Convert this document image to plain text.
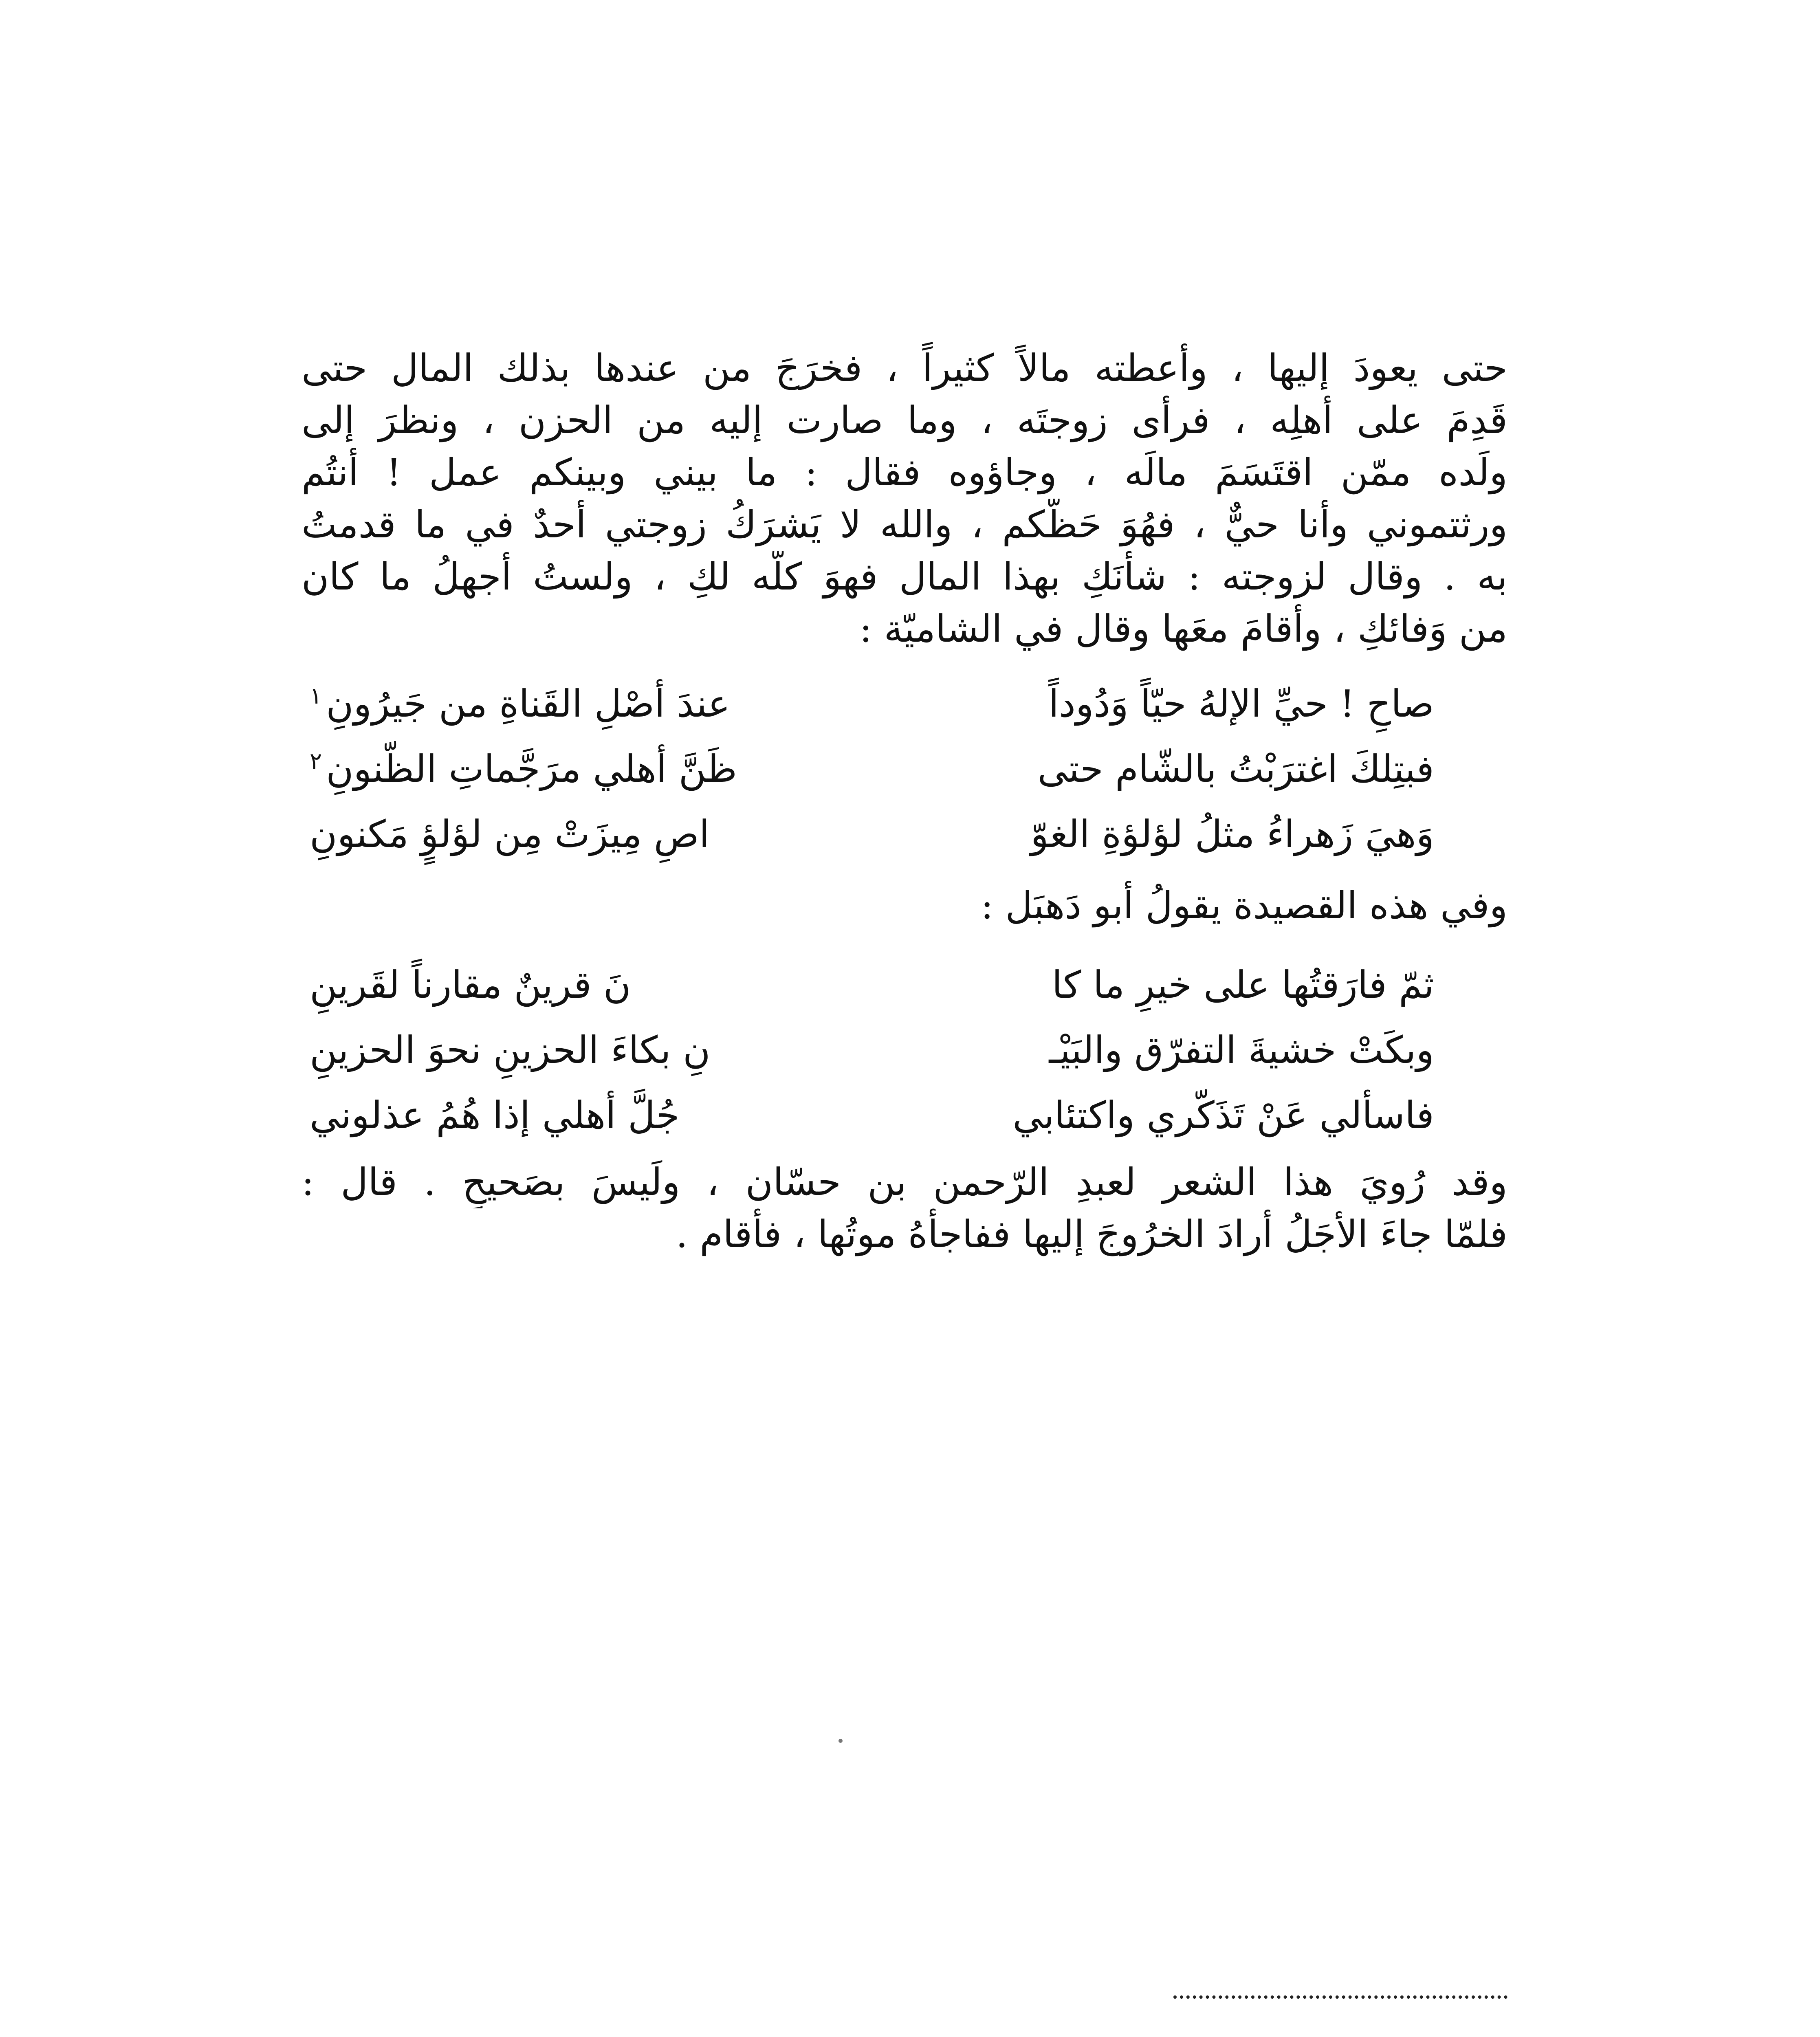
حتى يعودَ إليها ، وأعطته مالاً كثيراً ، فخرَجَ من عندها بذلك المال حتى
قَدِمَ على أهلِه ، فرأى زوجتَه ، وما صارت إليه من الحزن ، ونظرَ إلى
ولَده ممّن اقتَسَمَ مالَه ، وجاؤوه فقال : ما بيني وبينكم عمل ! أنتُم
ورثتموني وأنا حيٌّ ، فهُوَ حَظُّكم ، والله لا يَشرَكُ زوجتي أحدٌ في ما قدمتُ
به . وقال لزوجته : شأنَكِ بهذا المال فهوَ كلّه لكِ ، ولستُ أجهلُ ما كان
من وَفائكِ ، وأقامَ معَها وقال في الشاميّة :
صاحِ ! حيِّ الإلهُ حيّاً وَدُوداً
عندَ أصْلِ القَناةِ من جَيرُونِ$^١$
فبتِلكَ اغترَبْتُ بالشّام حتى
ظَنَّ أهلي مرَجَّماتِ الظّنونِ$^٢$
وَهيَ زَهراءُ مثلُ لؤلؤةِ الغوّ
اصِ مِيزَتْ مِن لؤلؤٍ مَكنونِ
وفي هذه القصيدة يقولُ أبو دَهبَل :
ثمّ فارَقتُها على خيرِ ما كا
نَ قرينٌ مقارناً لقَرينِ
وبكَتْ خشيةَ التفرّق والبَيْـ
نِ بكاءَ الحزينِ نحوَ الحزينِ
فاسألي عَنْ تَذَكّري واكتئابي
جُلَّ أهلي إذا هُمُ عذلوني
وقد رُويَ هذا الشعر لعبدِ الرّحمن بن حسّان ، ولَيسَ بصَحيحٍ . قال :
فلمّا جاءَ الأجَلُ أرادَ الخرُوجَ إليها ففاجأهُ موتُها ، فأقام .
